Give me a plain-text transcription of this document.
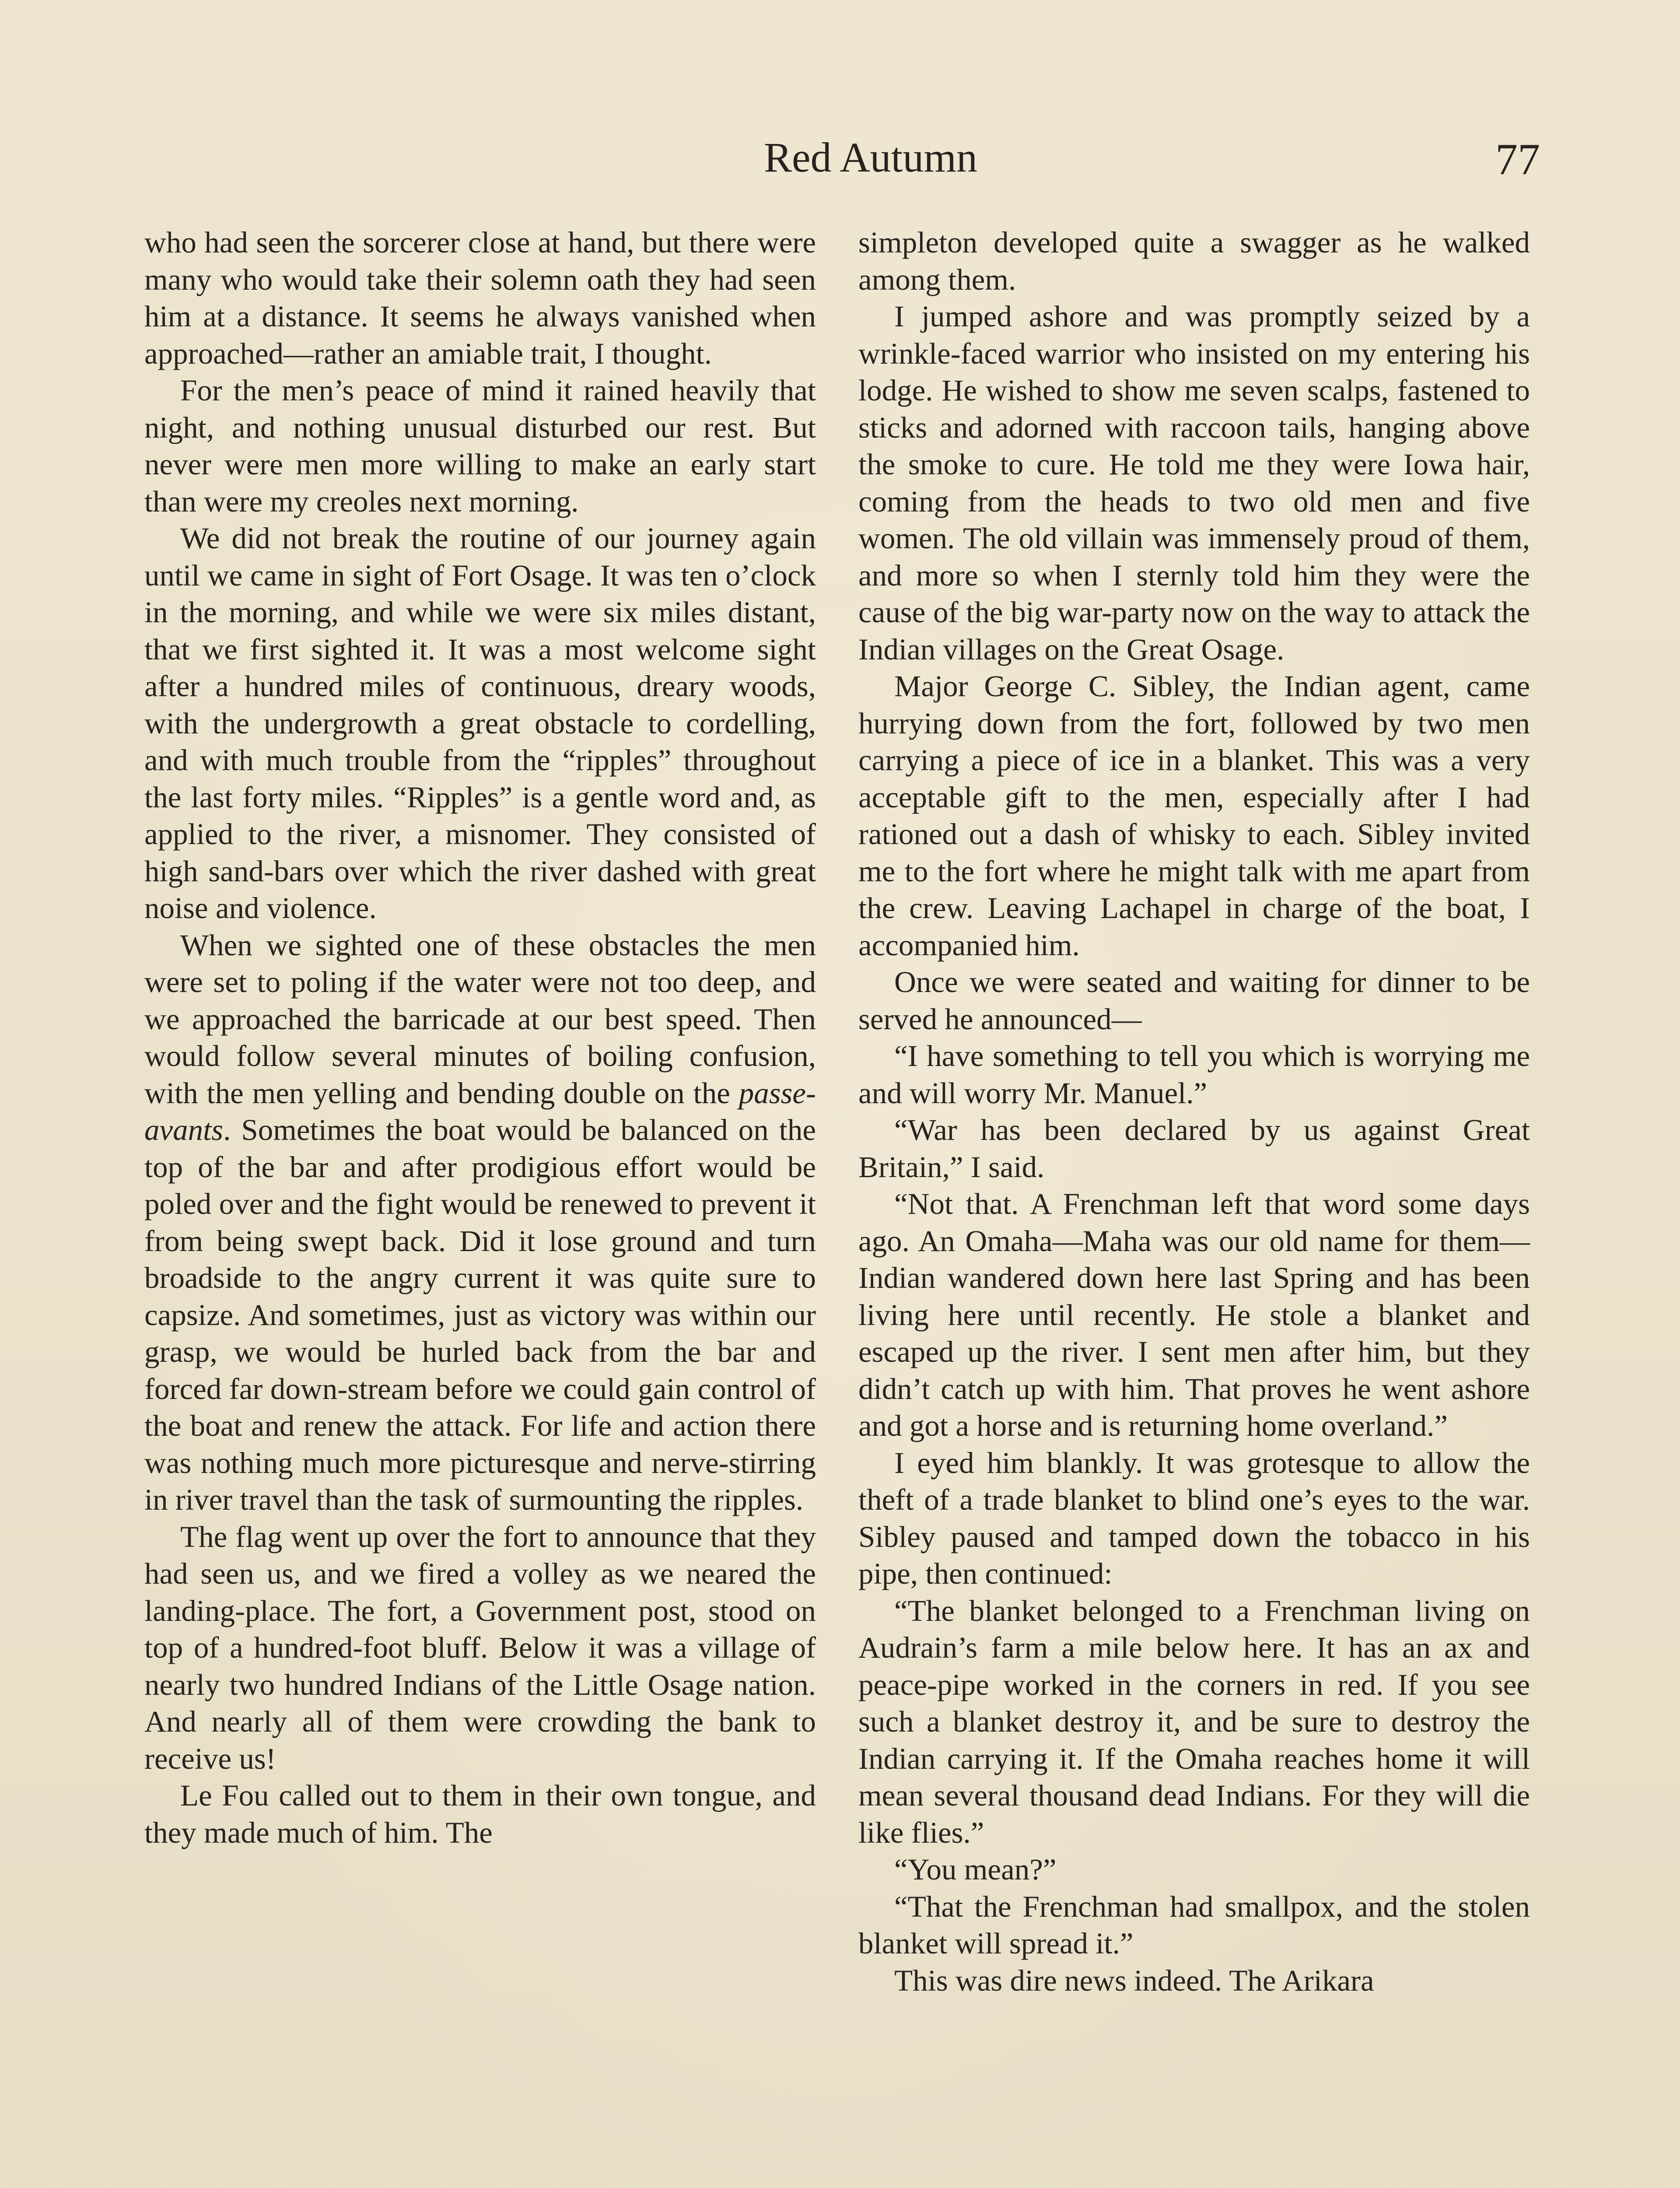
Red Autumn	77

who had seen the sorcerer close at hand, but there were many who would take their solemn oath they had seen him at a distance. It seems he always vanished when approached—rather an amiable trait, I thought.

For the men’s peace of mind it rained heavily that night, and nothing unusual disturbed our rest. But never were men more willing to make an early start than were my creoles next morning.

We did not break the routine of our journey again until we came in sight of Fort Osage. It was ten o’clock in the morning, and while we were six miles distant, that we first sighted it. It was a most welcome sight after a hundred miles of continuous, dreary woods, with the undergrowth a great obstacle to cordelling, and with much trouble from the “ripples” throughout the last forty miles. “Ripples” is a gentle word and, as applied to the river, a misnomer. They consisted of high sand-bars over which the river dashed with great noise and violence.

When we sighted one of these obstacles the men were set to poling if the water were not too deep, and we approached the barricade at our best speed. Then would follow several minutes of boiling confusion, with the men yelling and bending double on the passe-avants. Sometimes the boat would be balanced on the top of the bar and after prodigious effort would be poled over and the fight would be renewed to prevent it from being swept back. Did it lose ground and turn broadside to the angry current it was quite sure to capsize. And sometimes, just as victory was within our grasp, we would be hurled back from the bar and forced far down-stream before we could gain control of the boat and renew the attack. For life and action there was nothing much more picturesque and nerve-stirring in river travel than the task of surmounting the ripples.

The flag went up over the fort to announce that they had seen us, and we fired a volley as we neared the landing-place. The fort, a Government post, stood on top of a hundred-foot bluff. Below it was a village of nearly two hundred Indians of the Little Osage nation. And nearly all of them were crowding the bank to receive us!

Le Fou called out to them in their own tongue, and they made much of him. The

simpleton developed quite a swagger as he walked among them.

I jumped ashore and was promptly seized by a wrinkle-faced warrior who insisted on my entering his lodge. He wished to show me seven scalps, fastened to sticks and adorned with raccoon tails, hanging above the smoke to cure. He told me they were Iowa hair, coming from the heads to two old men and five women. The old villain was immensely proud of them, and more so when I sternly told him they were the cause of the big war-party now on the way to attack the Indian villages on the Great Osage.

Major George C. Sibley, the Indian agent, came hurrying down from the fort, followed by two men carrying a piece of ice in a blanket. This was a very acceptable gift to the men, especially after I had rationed out a dash of whisky to each. Sibley invited me to the fort where he might talk with me apart from the crew. Leaving Lachapel in charge of the boat, I accompanied him.

Once we were seated and waiting for dinner to be served he announced—

“I have something to tell you which is worrying me and will worry Mr. Manuel.”

“War has been declared by us against Great Britain,” I said.

“Not that. A Frenchman left that word some days ago. An Omaha—Maha was our old name for them—Indian wandered down here last Spring and has been living here until recently. He stole a blanket and escaped up the river. I sent men after him, but they didn’t catch up with him. That proves he went ashore and got a horse and is returning home overland.”

I eyed him blankly. It was grotesque to allow the theft of a trade blanket to blind one’s eyes to the war. Sibley paused and tamped down the tobacco in his pipe, then continued:

“The blanket belonged to a Frenchman living on Audrain’s farm a mile below here. It has an ax and peace-pipe worked in the corners in red. If you see such a blanket destroy it, and be sure to destroy the Indian carrying it. If the Omaha reaches home it will mean several thousand dead Indians. For they will die like flies.”

“You mean?”

“That the Frenchman had smallpox, and the stolen blanket will spread it.”

This was dire news indeed. The Arikara
